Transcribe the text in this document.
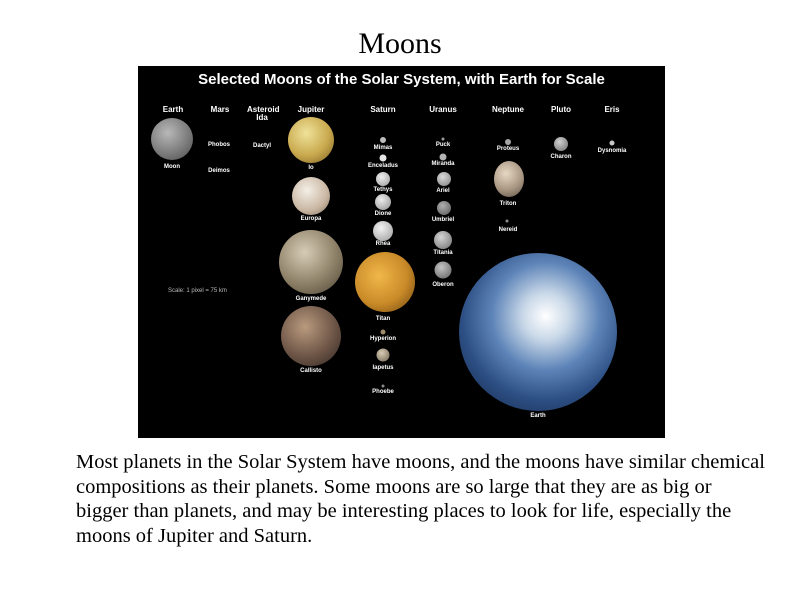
Moons
Selected Moons of the Solar System, with Earth for Scale
Earth	Mars Asteroid Ida
Jupiter	Saturn	Uranus	Neptune	Pluto	Eris
Moon
Phobos
Deimos
Dactyl
Io
Europa
Ganymede
Callisto
Scale: 1 pixel = 75 km
Mimas
Enceladus
Tethys
Dione
Rhea
Titan
Hyperion
Iapetus
Phoebe
Puck
Miranda
Ariel
Umbriel
Titania
Oberon
Proteus
Triton
Nereid
Charon
Dysnomia
Earth
Most planets in the Solar System have moons, and the moons have similar chemical compositions as their planets. Some moons are so large that they are as big or bigger than planets, and may be interesting places to look for life, especially the moons of Jupiter and Saturn.
